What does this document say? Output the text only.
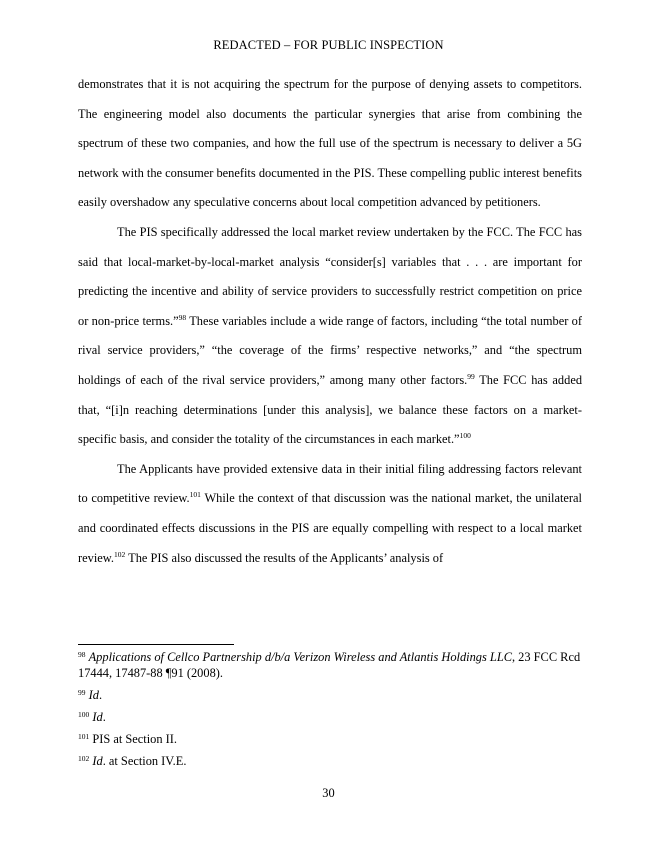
REDACTED – FOR PUBLIC INSPECTION

demonstrates that it is not acquiring the spectrum for the purpose of denying assets to competitors. The engineering model also documents the particular synergies that arise from combining the spectrum of these two companies, and how the full use of the spectrum is necessary to deliver a 5G network with the consumer benefits documented in the PIS. These compelling public interest benefits easily overshadow any speculative concerns about local competition advanced by petitioners.

The PIS specifically addressed the local market review undertaken by the FCC. The FCC has said that local-market-by-local-market analysis “consider[s] variables that . . . are important for predicting the incentive and ability of service providers to successfully restrict competition on price or non-price terms.”$^{98}$ These variables include a wide range of factors, including “the total number of rival service providers,” “the coverage of the firms’ respective networks,” and “the spectrum holdings of each of the rival service providers,” among many other factors.$^{99}$ The FCC has added that, “[i]n reaching determinations [under this analysis], we balance these factors on a market-specific basis, and consider the totality of the circumstances in each market.”$^{100}$

The Applicants have provided extensive data in their initial filing addressing factors relevant to competitive review.$^{101}$ While the context of that discussion was the national market, the unilateral and coordinated effects discussions in the PIS are equally compelling with respect to a local market review.$^{102}$ The PIS also discussed the results of the Applicants’ analysis of

$^{98}$ Applications of Cellco Partnership d/b/a Verizon Wireless and Atlantis Holdings LLC, 23 FCC Rcd 17444, 17487-88 ¶91 (2008).
$^{99}$ Id.
$^{100}$ Id.
$^{101}$ PIS at Section II.
$^{102}$ Id. at Section IV.E.
30
